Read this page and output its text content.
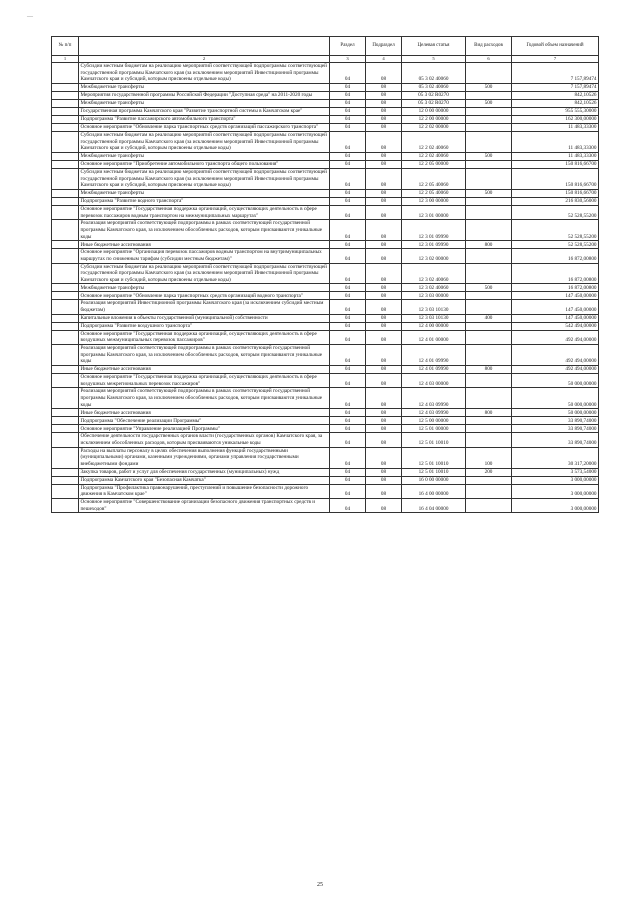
—
№ п/п		Раздел	Подраздел	Целевая статья	Вид расходов	Годовой объем назначений
1	2	3	4	5	6	7
	Субсидии местным бюджетам на реализацию мероприятий соответствующей подпрограммы соответствующей государственной программы Камчатского края (за исключением мероприятий Инвестиционной программы Камчатского края и субсидий, которым присвоены отдельные коды)	04	08	05 3 02 40060		7 157,89474
	Межбюджетные трансферты	04	08	05 3 02 40060	500	7 157,89474
	Мероприятия государственной программы Российской Федерации "Доступная среда" на 2011-2020 годы	04	08	05 3 02 R0270		842,10526
	Межбюджетные трансферты	04	08	05 3 02 R0270	500	842,10526
	Государственная программа Камчатского края "Развитие транспортной системы в Камчатском крае"	04	08	12 0 00 00000		955 555,30000
	Подпрограмма "Развитие пассажирского автомобильного транспорта"	04	08	12 2 00 00000		162 300,00000
	Основное мероприятие "Обновление парка транспортных средств организаций пассажирского транспорта"	04	08	12 2 02 00000		11 483,33300
	Субсидии местным бюджетам на реализацию мероприятий соответствующей подпрограммы соответствующей государственной программы Камчатского края (за исключением мероприятий Инвестиционной программы Камчатского края и субсидий, которым присвоены отдельные коды)	04	08	12 2 02 40060		11 483,33300
	Межбюджетные трансферты	04	08	12 2 02 40060	500	11 483,33300
	Основное мероприятие "Приобретение автомобильного транспорта общего пользования"	04	08	12 2 05 00000		150 816,66700
	Субсидии местным бюджетам на реализацию мероприятий соответствующей подпрограммы соответствующей государственной программы Камчатского края (за исключением мероприятий Инвестиционной программы Камчатского края и субсидий, которым присвоены отдельные коды)	04	08	12 2 05 40060		150 816,66700
	Межбюджетные трансферты	04	08	12 2 05 40060	500	150 816,66700
	Подпрограмма "Развитие водного транспорта"	04	08	12 3 00 00000		216 830,56000
	Основное мероприятие "Государственная поддержка организаций, осуществляющих деятельность в сфере перевозок пассажиров водным транспортом на межмуниципальных маршрутах"	04	08	12 3 01 00000		52 528,55200
	Реализация мероприятий соответствующей подпрограммы в рамках соответствующей государственной программы Камчатского края, за исключением обособленных расходов, которым присваиваются уникальные коды	04	08	12 3 01 09990		52 528,55200
	Иные бюджетные ассигнования	04	08	12 3 01 09990	800	52 528,55200
	Основное мероприятие "Организация перевозок пассажиров водным транспортом на внутримуниципальных маршрутах по сниженным тарифам (субсидии местным бюджетам)"	04	08	12 3 02 00000		16 872,00800
	Субсидии местным бюджетам на реализацию мероприятий соответствующей подпрограммы соответствующей государственной программы Камчатского края (за исключением мероприятий Инвестиционной программы Камчатского края и субсидий, которым присвоены отдельные коды)	04	08	12 3 02 40060		16 872,00800
	Межбюджетные трансферты	04	08	12 3 02 40060	500	16 872,00800
	Основное мероприятие "Обновление парка транспортных средств организаций водного транспорта"	04	08	12 3 03 00000		147 450,00000
	Реализация мероприятий Инвестиционной программы Камчатского края (за исключением субсидий местным бюджетам)	04	08	12 3 03 10130		147 450,00000
	Капитальные вложения в объекты государственной (муниципальной) собственности	04	08	12 3 03 10130	400	147 450,00000
	Подпрограмма "Развитие воздушного транспорта"	04	08	12 4 00 00000		542 494,00000
	Основное мероприятие "Государственная поддержка организаций, осуществляющих деятельность в сфере воздушных межмуниципальных перевозок пассажиров"	04	08	12 4 01 00000		492 494,00000
	Реализация мероприятий соответствующей подпрограммы в рамках соответствующей государственной программы Камчатского края, за исключением обособленных расходов, которым присваиваются уникальные коды	04	08	12 4 01 09990		492 494,00000
	Иные бюджетные ассигнования	04	08	12 4 01 09990	800	492 494,00000
	Основное мероприятие "Государственная поддержка организаций, осуществляющих деятельность в сфере воздушных межрегиональных перевозок пассажиров"	04	08	12 4 03 00000		50 000,00000
	Реализация мероприятий соответствующей подпрограммы в рамках соответствующей государственной программы Камчатского края, за исключением обособленных расходов, которым присваиваются уникальные коды	04	08	12 4 03 09990		50 000,00000
	Иные бюджетные ассигнования	04	08	12 4 03 09990	800	50 000,00000
	Подпрограмма "Обеспечение реализации Программы"	04	08	12 5 00 00000		33 890,74000
	Основное мероприятие "Управление реализацией Программы"	04	08	12 5 01 00000		33 890,74000
	Обеспечение деятельности государственных органов власти (государственных органов) Камчатского края, за исключением обособленных расходов, которым присваиваются уникальные коды	04	08	12 5 01 10010		33 890,74000
	Расходы на выплаты персоналу в целях обеспечения выполнения функций государственными (муниципальными) органами, казенными учреждениями, органами управления государственными внебюджетными фондами	04	08	12 5 01 10010	100	30 317,20000
	Закупка товаров, работ и услуг для обеспечения государственных (муниципальных) нужд	04	08	12 5 01 10010	200	3 573,54000
	Подпрограмма Камчатского края "Безопасная Камчатка"	04	08	16 0 00 00000		3 000,00000
	Подпрограмма "Профилактика правонарушений, преступлений и повышение безопасности дорожного движения в Камчатском крае"	04	08	16 4 00 00000		3 000,00000
	Основное мероприятие "Совершенствование организации безопасного движения транспортных средств и пешеходов"	04	08	16 4 04 00000		3 000,00000
25
